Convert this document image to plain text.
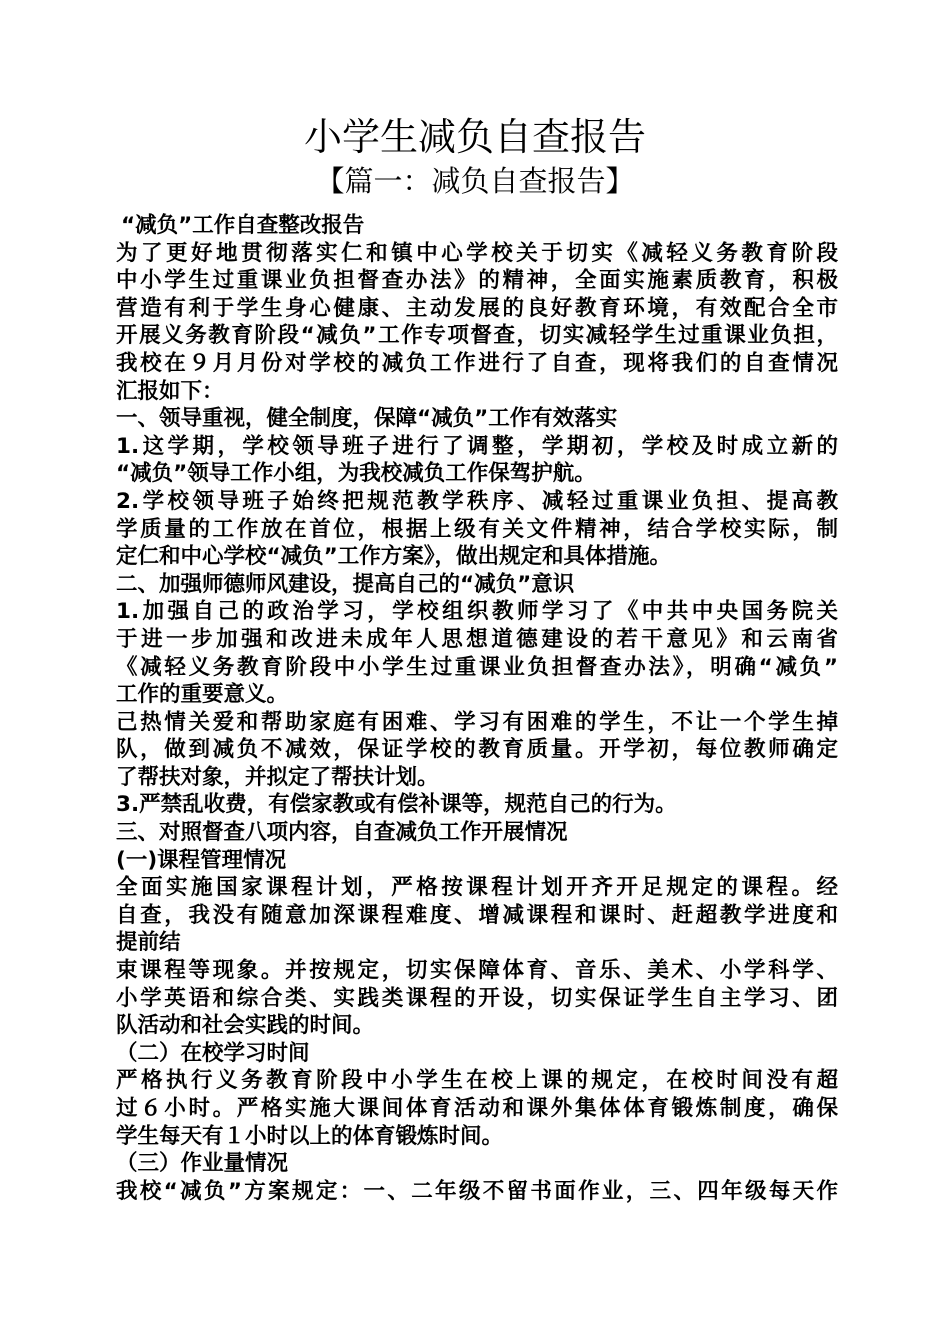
小学生减负自查报告
【篇一：减负自查报告】
“减负”工作自查整改报告
为了更好地贯彻落实仁和镇中心学校关于切实《减轻义务教育阶段
中小学生过重课业负担督查办法》的精神，全面实施素质教育，积极
营造有利于学生身心健康、主动发展的良好教育环境，有效配合全市
开展义务教育阶段“减负”工作专项督查，切实减轻学生过重课业负担，
我校在９月月份对学校的减负工作进行了自查，现将我们的自查情况
汇报如下：
一、领导重视，健全制度，保障“减负”工作有效落实
1.这学期，学校领导班子进行了调整，学期初，学校及时成立新的
“减负”领导工作小组，为我校减负工作保驾护航。
2.学校领导班子始终把规范教学秩序、减轻过重课业负担、提高教
学质量的工作放在首位，根据上级有关文件精神，结合学校实际，制
定仁和中心学校“减负”工作方案》，做出规定和具体措施。
二、加强师德师风建设，提高自己的“减负”意识
1.加强自己的政治学习，学校组织教师学习了《中共中央国务院关
于进一步加强和改进未成年人思想道德建设的若干意见》和云南省
《减轻义务教育阶段中小学生过重课业负担督查办法》，明确“减负”
工作的重要意义。
己热情关爱和帮助家庭有困难、学习有困难的学生，不让一个学生掉
队，做到减负不减效，保证学校的教育质量。开学初，每位教师确定
了帮扶对象，并拟定了帮扶计划。
3.严禁乱收费，有偿家教或有偿补课等，规范自己的行为。
三、对照督查八项内容，自查减负工作开展情况
(一)课程管理情况
全面实施国家课程计划，严格按课程计划开齐开足规定的课程。经
自查，我没有随意加深课程难度、增减课程和课时、赶超教学进度和
提前结
束课程等现象。并按规定，切实保障体育、音乐、美术、小学科学、
小学英语和综合类、实践类课程的开设，切实保证学生自主学习、团
队活动和社会实践的时间。
（二）在校学习时间
严格执行义务教育阶段中小学生在校上课的规定，在校时间没有超
过６小时。严格实施大课间体育活动和课外集体体育锻炼制度，确保
学生每天有１小时以上的体育锻炼时间。
（三）作业量情况
我校“减负”方案规定：一、二年级不留书面作业，三、四年级每天作
